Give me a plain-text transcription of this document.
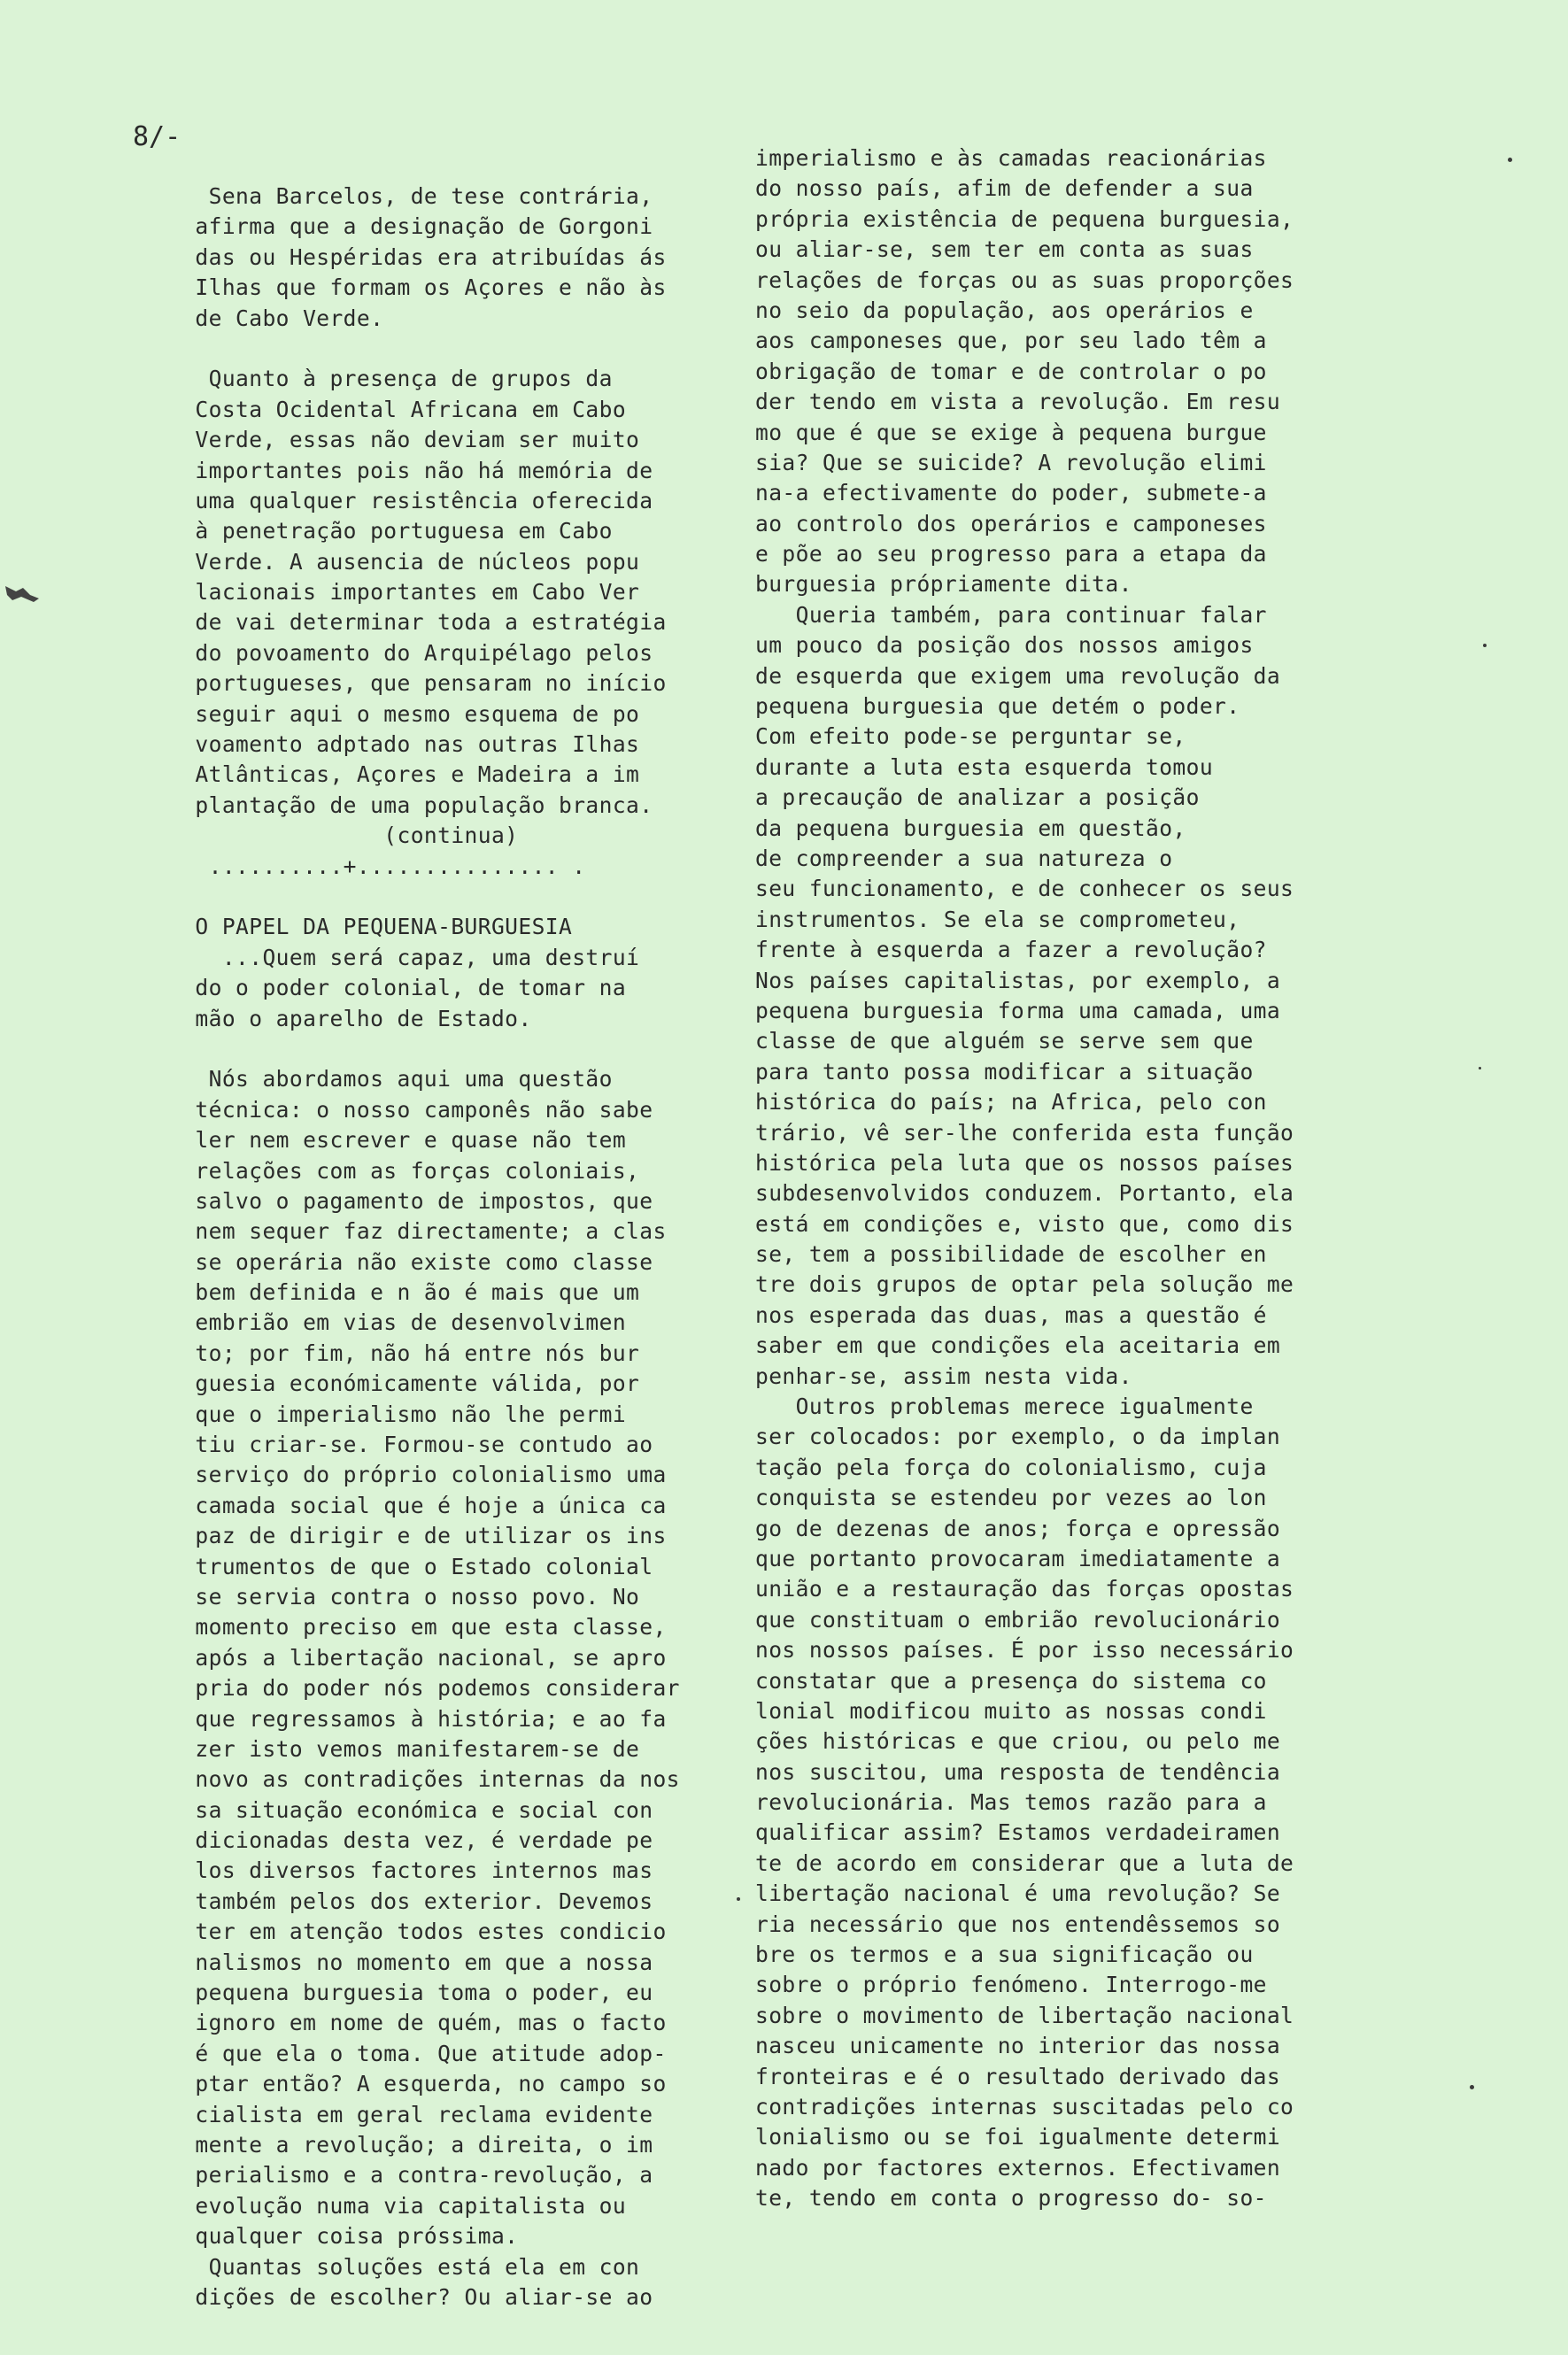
8/-

Sena Barcelos, de tese contrária,
afirma que a designação de Gorgoni
das ou Hespéridas era atribuídas ás
Ilhas que formam os Açores e não às
de Cabo Verde.
Quanto à presença de grupos da
Costa Ocidental Africana em Cabo
Verde, essas não deviam ser muito
importantes pois não há memória de
uma qualquer resistência oferecida
à penetração portuguesa em Cabo
Verde. A ausencia de núcleos popu
lacionais importantes em Cabo Ver
de vai determinar toda a estratégia
do povoamento do Arquipélago pelos
portugueses, que pensaram no início
seguir aqui o mesmo esquema de po
voamento adptado nas outras Ilhas
Atlânticas, Açores e Madeira a im
plantação de uma população branca.
(continua)
..........+............... .
O PAPEL DA PEQUENA-BURGUESIA
...Quem será capaz, uma destruí
do o poder colonial, de tomar na
mão o aparelho de Estado.
Nós abordamos aqui uma questão
técnica: o nosso camponês não sabe
ler nem escrever e quase não tem
relações com as forças coloniais,
salvo o pagamento de impostos, que
nem sequer faz directamente; a clas
se operária não existe como classe
bem definida e n ão é mais que um
embrião em vias de desenvolvimen
to; por fim, não há entre nós bur
guesia económicamente válida, por
que o imperialismo não lhe permi
tiu criar-se. Formou-se contudo ao
serviço do próprio colonialismo uma
camada social que é hoje a única ca
paz de dirigir e de utilizar os ins
trumentos de que o Estado colonial
se servia contra o nosso povo. No
momento preciso em que esta classe,
após a libertação nacional, se apro
pria do poder nós podemos considerar
que regressamos à história; e ao fa
zer isto vemos manifestarem-se de
novo as contradições internas da nos
sa situação económica e social con
dicionadas desta vez, é verdade pe
los diversos factores internos mas
também pelos dos exterior. Devemos
ter em atenção todos estes condicio
nalismos no momento em que a nossa
pequena burguesia toma o poder, eu
ignoro em nome de quém, mas o facto
é que ela o toma. Que atitude adop-
ptar então? A esquerda, no campo so
cialista em geral reclama evidente
mente a revolução; a direita, o im
perialismo e a contra-revolução, a
evolução numa via capitalista ou
qualquer coisa próssima.
Quantas soluções está ela em con
dições de escolher? Ou aliar-se ao
imperialismo e às camadas reacionárias
do nosso país, afim de defender a sua
própria existência de pequena burguesia,
ou aliar-se, sem ter em conta as suas
relações de forças ou as suas proporções
no seio da população, aos operários e
aos camponeses que, por seu lado têm a
obrigação de tomar e de controlar o po
der tendo em vista a revolução. Em resu
mo que é que se exige à pequena burgue
sia? Que se suicide? A revolução elimi
na-a efectivamente do poder, submete-a
ao controlo dos operários e camponeses
e põe ao seu progresso para a etapa da
burguesia própriamente dita.
Queria também, para continuar falar
um pouco da posição dos nossos amigos
de esquerda que exigem uma revolução da
pequena burguesia que detém o poder.
Com efeito pode-se perguntar se,
durante a luta esta esquerda tomou
a precaução de analizar a posição
da pequena burguesia em questão,
de compreender a sua natureza o
seu funcionamento, e de conhecer os seus
instrumentos. Se ela se comprometeu,
frente à esquerda a fazer a revolução?
Nos países capitalistas, por exemplo, a
pequena burguesia forma uma camada, uma
classe de que alguém se serve sem que
para tanto possa modificar a situação
histórica do país; na Africa, pelo con
trário, vê ser-lhe conferida esta função
histórica pela luta que os nossos países
subdesenvolvidos conduzem. Portanto, ela
está em condições e, visto que, como dis
se, tem a possibilidade de escolher en
tre dois grupos de optar pela solução me
nos esperada das duas, mas a questão é
saber em que condições ela aceitaria em
penhar-se, assim nesta vida.
Outros problemas merece igualmente
ser colocados: por exemplo, o da implan
tação pela força do colonialismo, cuja
conquista se estendeu por vezes ao lon
go de dezenas de anos; força e opressão
que portanto provocaram imediatamente a
união e a restauração das forças opostas
que constituam o embrião revolucionário
nos nossos países. É por isso necessário
constatar que a presença do sistema co
lonial modificou muito as nossas condi
ções históricas e que criou, ou pelo me
nos suscitou, uma resposta de tendência
revolucionária. Mas temos razão para a
qualificar assim? Estamos verdadeiramen
te de acordo em considerar que a luta de
libertação nacional é uma revolução? Se
ria necessário que nos entendêssemos so
bre os termos e a sua significação ou
sobre o próprio fenómeno. Interrogo-me
sobre o movimento de libertação nacional
nasceu unicamente no interior das nossa
fronteiras e é o resultado derivado das
contradições internas suscitadas pelo co
lonialismo ou se foi igualmente determi
nado por factores externos. Efectivamen
te, tendo em conta o progresso do- so-
